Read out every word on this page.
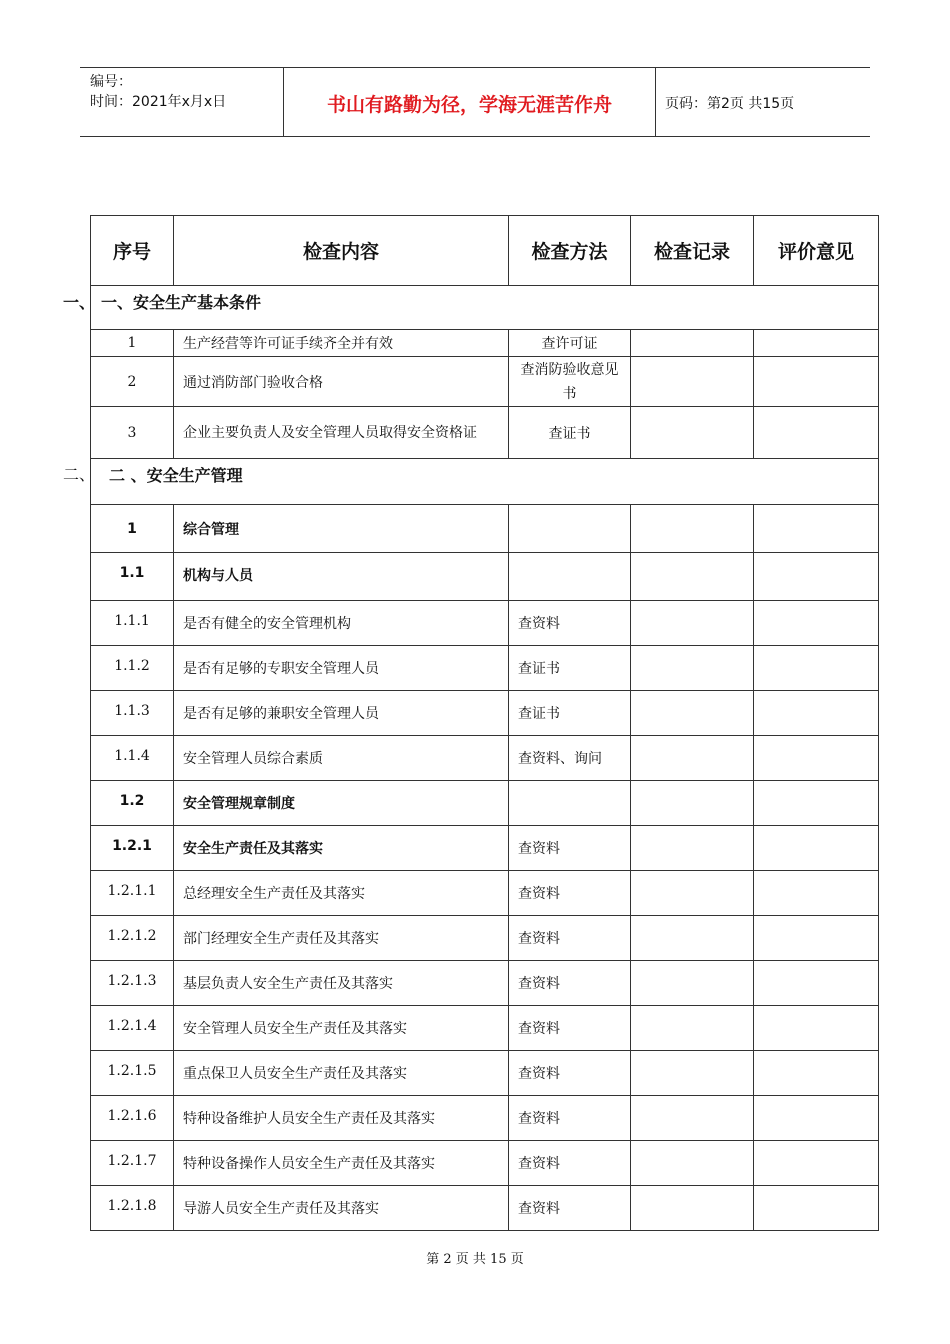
编号：
时间：2021年x月x日	书山有路勤为径，学海无涯苦作舟	页码：第2页 共15页
一、
二、
序号	检查内容	检查方法	检查记录	评价意见
一、安全生产基本条件				
1	生产经营等许可证手续齐全并有效	查许可证		
2	通过消防部门验收合格	查消防验收意见书		
3	企业主要负责人及安全管理人员取得安全资格证	查证书		
二 、安全生产管理				
1	综合管理			
1.1	机构与人员			
1.1.1	是否有健全的安全管理机构	查资料		
1.1.2	是否有足够的专职安全管理人员	查证书		
1.1.3	是否有足够的兼职安全管理人员	查证书		
1.1.4	安全管理人员综合素质	查资料、询问		
1.2	安全管理规章制度			
1.2.1	安全生产责任及其落实	查资料		
1.2.1.1	总经理安全生产责任及其落实	查资料		
1.2.1.2	部门经理安全生产责任及其落实	查资料		
1.2.1.3	基层负责人安全生产责任及其落实	查资料		
1.2.1.4	安全管理人员安全生产责任及其落实	查资料		
1.2.1.5	重点保卫人员安全生产责任及其落实	查资料		
1.2.1.6	特种设备维护人员安全生产责任及其落实	查资料		
1.2.1.7	特种设备操作人员安全生产责任及其落实	查资料		
1.2.1.8	导游人员安全生产责任及其落实	查资料		
第 2 页 共 15 页
